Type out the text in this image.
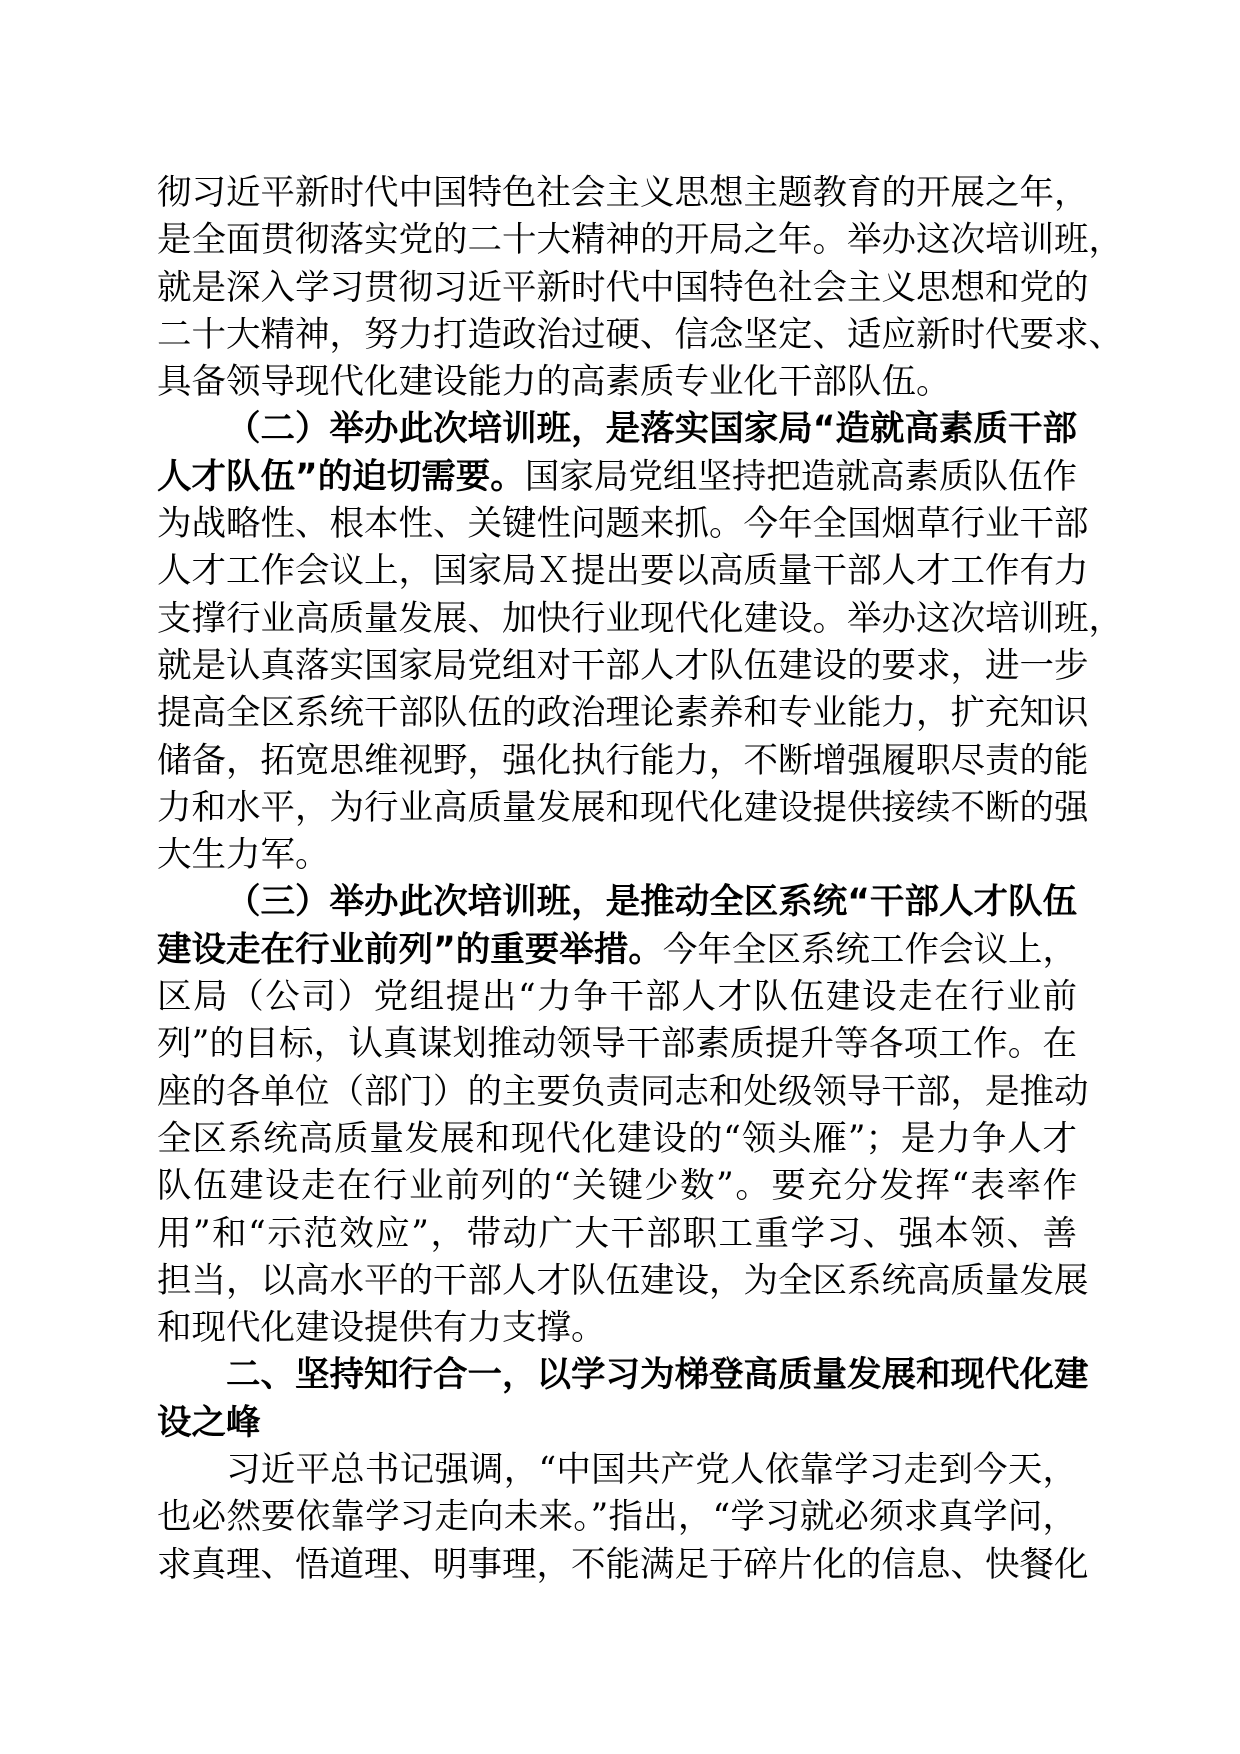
彻习近平新时代中国特色社会主义思想主题教育的开展之年，
是全面贯彻落实党的二十大精神的开局之年。举办这次培训班，
就是深入学习贯彻习近平新时代中国特色社会主义思想和党的
二十大精神，努力打造政治过硬、信念坚定、适应新时代要求、
具备领导现代化建设能力的高素质专业化干部队伍。
（二）举办此次培训班，是落实国家局“造就高素质干部
人才队伍”的迫切需要。国家局党组坚持把造就高素质队伍作
为战略性、根本性、关键性问题来抓。今年全国烟草行业干部
人才工作会议上，国家局Ｘ提出要以高质量干部人才工作有力
支撑行业高质量发展、加快行业现代化建设。举办这次培训班，
就是认真落实国家局党组对干部人才队伍建设的要求，进一步
提高全区系统干部队伍的政治理论素养和专业能力，扩充知识
储备，拓宽思维视野，强化执行能力，不断增强履职尽责的能
力和水平，为行业高质量发展和现代化建设提供接续不断的强
大生力军。
（三）举办此次培训班，是推动全区系统“干部人才队伍
建设走在行业前列”的重要举措。今年全区系统工作会议上，
区局（公司）党组提出“力争干部人才队伍建设走在行业前
列”的目标，认真谋划推动领导干部素质提升等各项工作。在
座的各单位（部门）的主要负责同志和处级领导干部，是推动
全区系统高质量发展和现代化建设的“领头雁”；是力争人才
队伍建设走在行业前列的“关键少数”。要充分发挥“表率作
用”和“示范效应”，带动广大干部职工重学习、强本领、善
担当，以高水平的干部人才队伍建设，为全区系统高质量发展
和现代化建设提供有力支撑。
二、坚持知行合一，以学习为梯登高质量发展和现代化建
设之峰
习近平总书记强调，“中国共产党人依靠学习走到今天，
也必然要依靠学习走向未来。”指出，“学习就必须求真学问，
求真理、悟道理、明事理，不能满足于碎片化的信息、快餐化
